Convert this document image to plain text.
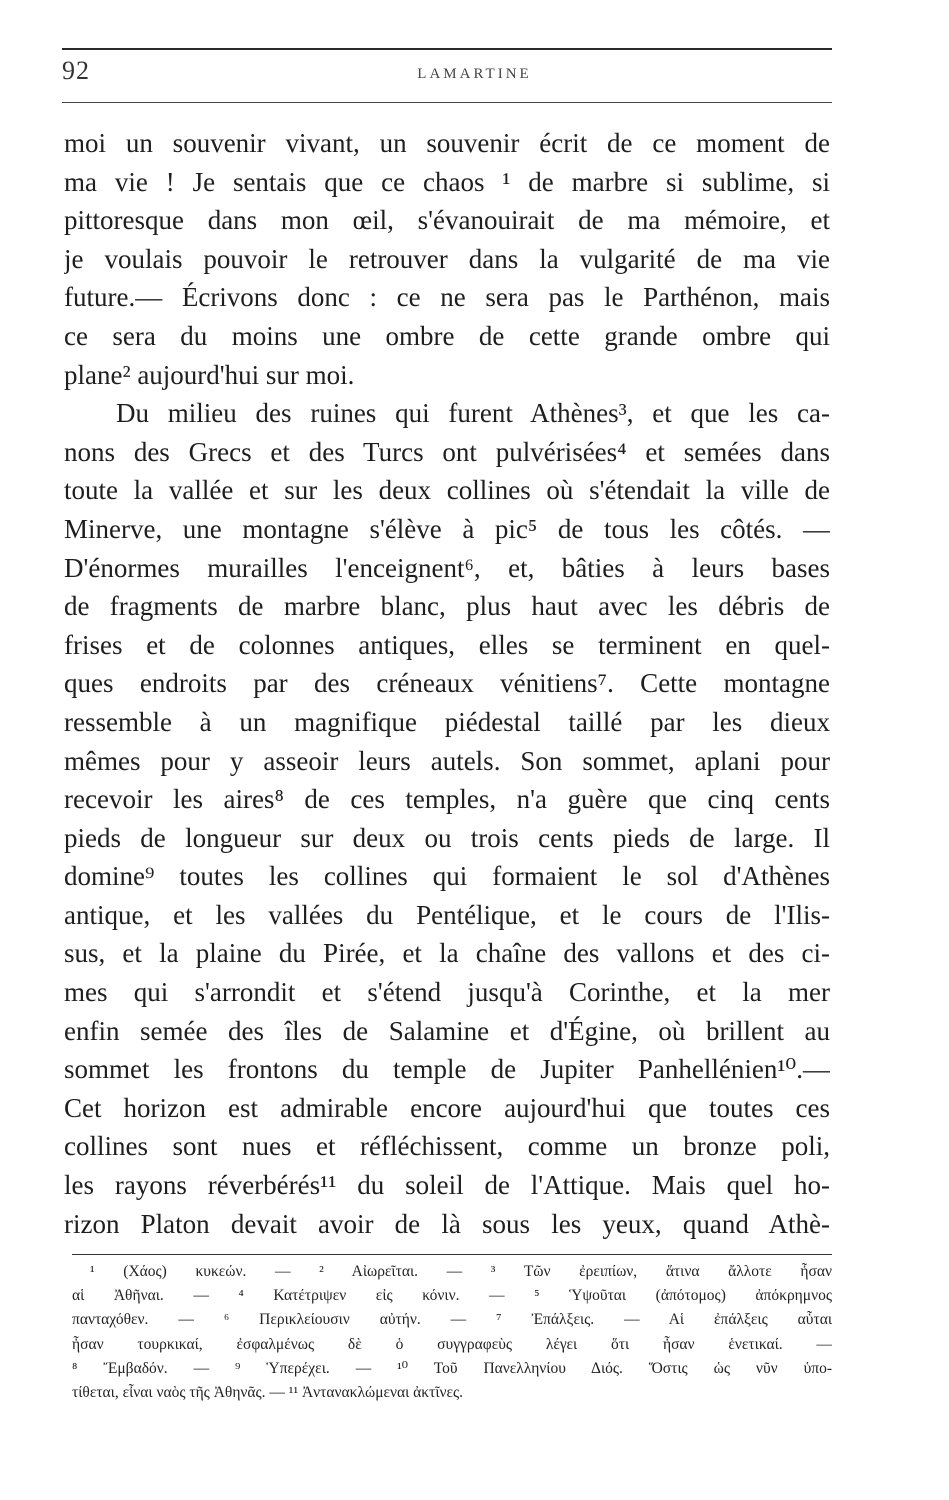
92	LAMARTINE
moi un souvenir vivant, un souvenir écrit de ce moment de
ma vie ! Je sentais que ce chaos ¹ de marbre si sublime, si
pittoresque dans mon œil, s'évanouirait de ma mémoire, et
je voulais pouvoir le retrouver dans la vulgarité de ma vie
future.— Écrivons donc : ce ne sera pas le Parthénon, mais
ce sera du moins une ombre de cette grande ombre qui
plane² aujourd'hui sur moi.
Du milieu des ruines qui furent Athènes³, et que les ca-
nons des Grecs et des Turcs ont pulvérisées⁴ et semées dans
toute la vallée et sur les deux collines où s'étendait la ville de
Minerve, une montagne s'élève à pic⁵ de tous les côtés. —
D'énormes murailles l'enceignent⁶, et, bâties à leurs bases
de fragments de marbre blanc, plus haut avec les débris de
frises et de colonnes antiques, elles se terminent en quel-
ques endroits par des créneaux vénitiens⁷. Cette montagne
ressemble à un magnifique piédestal taillé par les dieux
mêmes pour y asseoir leurs autels. Son sommet, aplani pour
recevoir les aires⁸ de ces temples, n'a guère que cinq cents
pieds de longueur sur deux ou trois cents pieds de large. Il
domine⁹ toutes les collines qui formaient le sol d'Athènes
antique, et les vallées du Pentélique, et le cours de l'Ilis-
sus, et la plaine du Pirée, et la chaîne des vallons et des ci-
mes qui s'arrondit et s'étend jusqu'à Corinthe, et la mer
enfin semée des îles de Salamine et d'Égine, où brillent au
sommet les frontons du temple de Jupiter Panhellénien¹⁰.—
Cet horizon est admirable encore aujourd'hui que toutes ces
collines sont nues et réfléchissent, comme un bronze poli,
les rayons réverbérés¹¹ du soleil de l'Attique. Mais quel ho-
rizon Platon devait avoir de là sous les yeux, quand Athè-
¹ (Χάος) κυκεών. — ² Αἰωρεῖται. — ³ Τῶν ἐρειπίων, ἅτινα ἄλλοτε ἦσαν
αἱ Ἀθῆναι. — ⁴ Κατέτριψεν εἰς κόνιν. — ⁵ Ὑψοῦται (ἀπότομος) ἀπόκρημνος
πανταχόθεν. — ⁶ Περικλείουσιν αὐτήν. — ⁷ Ἐπάλξεις. — Αἱ ἐπάλξεις αὗται
ἦσαν τουρκικαί, ἐσφαλμένως δὲ ὁ συγγραφεὺς λέγει ὅτι ἦσαν ἑνετικαί. —
⁸ Ἔμβαδόν. — ⁹ Ὑπερέχει. — ¹⁰ Τοῦ Πανελληνίου Διός. Ὅστις ὡς νῦν ὑπο-
τίθεται, εἶναι ναὸς τῆς Ἀθηνᾶς. — ¹¹ Ἀντανακλώμεναι ἀκτῖνες.
